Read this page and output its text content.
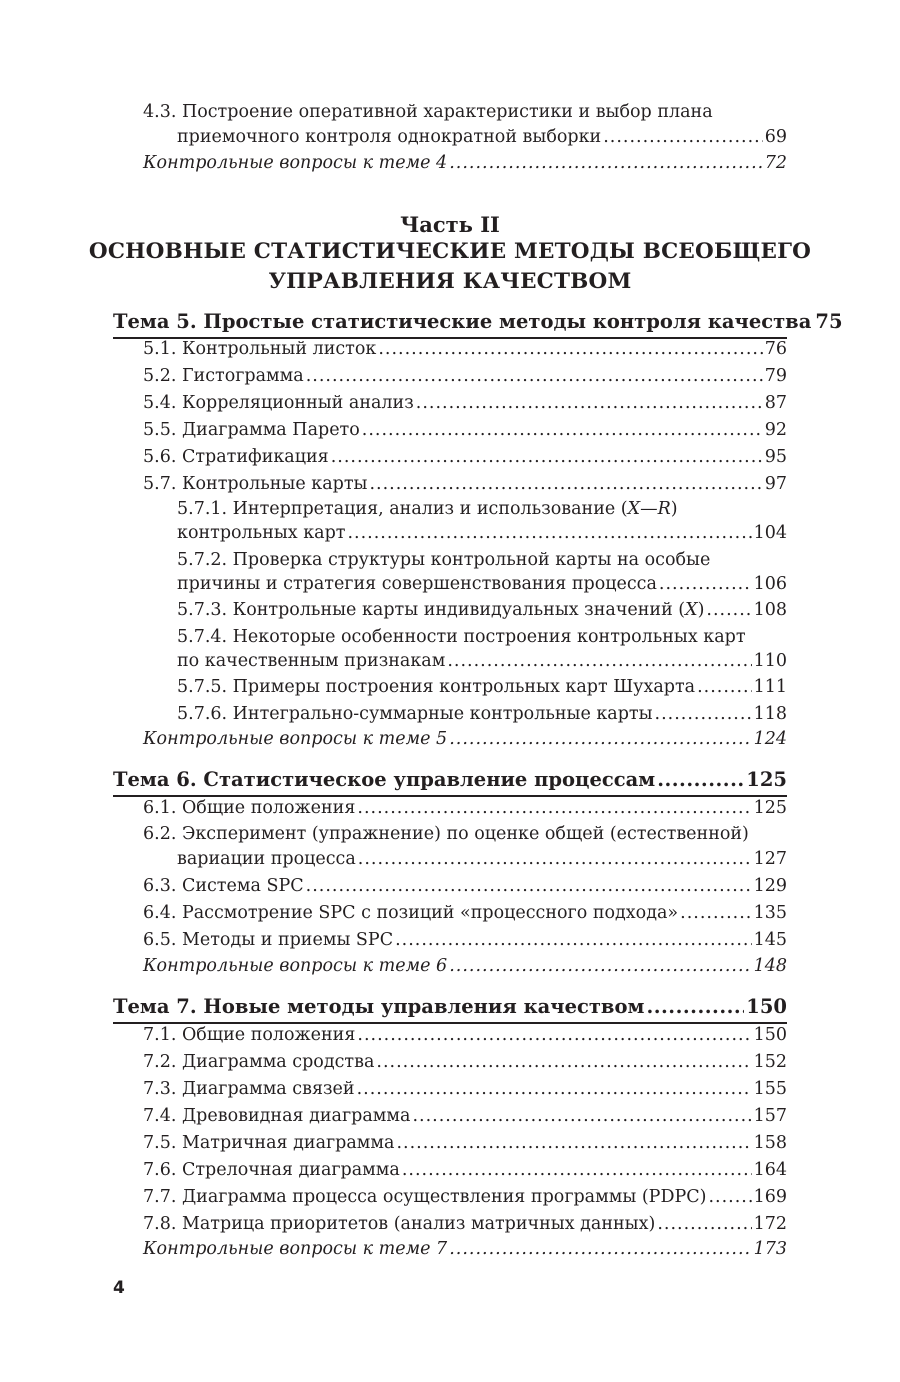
4.3. Построение оперативной характеристики и выбор плана
приемочного контроля однократной выборки .....	69
Контрольные вопросы к теме 4 .....	72
Часть II
ОСНОВНЫЕ СТАТИСТИЧЕСКИЕ МЕТОДЫ ВСЕОБЩЕГО
УПРАВЛЕНИЯ КАЧЕСТВОМ
Тема 5. Простые статистические методы контроля качества 75
5.1. Контрольный листок .....	76
5.2. Гистограмма .....	79
5.4. Корреляционный анализ .....	87
5.5. Диаграмма Парето .....	92
5.6. Стратификация .....	95
5.7. Контрольные карты .....	97
5.7.1. Интерпретация, анализ и использование (X—R)
контрольных карт .....	104
5.7.2. Проверка структуры контрольной карты на особые
причины и стратегия совершенствования процесса .....	106
5.7.3. Контрольные карты индивидуальных значений (X) .....	108
5.7.4. Некоторые особенности построения контрольных карт
по качественным признакам .....	110
5.7.5. Примеры построения контрольных карт Шухарта .....	111
5.7.6. Интегрально-суммарные контрольные карты .....	118
Контрольные вопросы к теме 5 .....	124
Тема 6. Статистическое управление процессам .....	125
6.1. Общие положения .....	125
6.2. Эксперимент (упражнение) по оценке общей (естественной)
вариации процесса .....	127
6.3. Система SPC .....	129
6.4. Рассмотрение SPC с позиций «процессного подхода» .....	135
6.5. Методы и приемы SPC .....	145
Контрольные вопросы к теме 6 .....	148
Тема 7. Новые методы управления качеством .....	150
7.1. Общие положения .....	150
7.2. Диаграмма сродства .....	152
7.3. Диаграмма связей .....	155
7.4. Древовидная диаграмма .....	157
7.5. Матричная диаграмма .....	158
7.6. Стрелочная диаграмма .....	164
7.7. Диаграмма процесса осуществления программы (PDPC) .....	169
7.8. Матрица приоритетов (анализ матричных данных) .....	172
Контрольные вопросы к теме 7 .....	173
4
